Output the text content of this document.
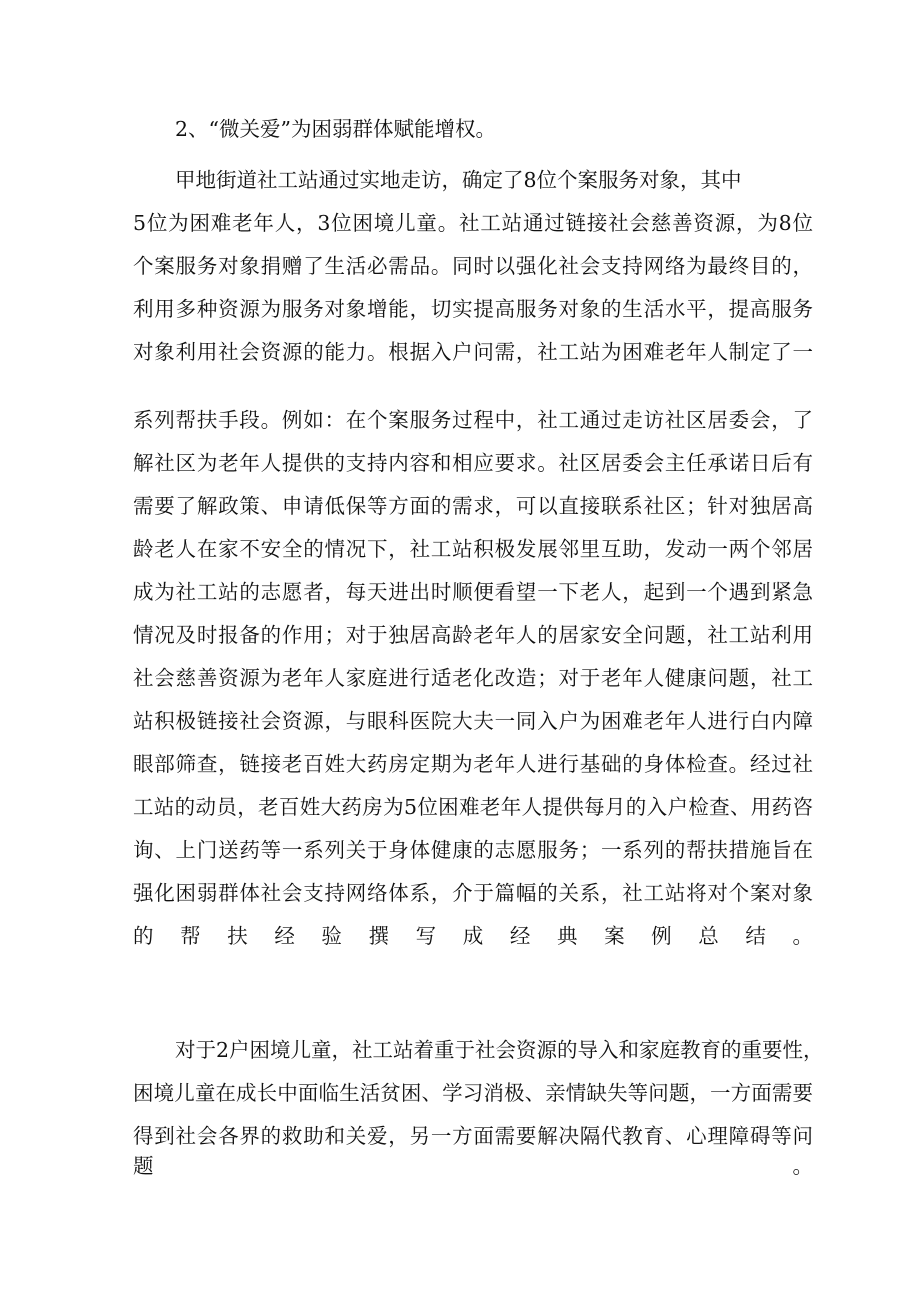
2、“微关爱”为困弱群体赋能增权。
甲地街道社工站通过实地走访，确定了8位个案服务对象，其中
5位为困难老年人，3位困境儿童。社工站通过链接社会慈善资源，为8位
个案服务对象捐赠了生活必需品。同时以强化社会支持网络为最终目的，
利用多种资源为服务对象增能，切实提高服务对象的生活水平，提高服务
对象利用社会资源的能力。根据入户问需，社工站为困难老年人制定了一
系列帮扶手段。例如：在个案服务过程中，社工通过走访社区居委会，了
解社区为老年人提供的支持内容和相应要求。社区居委会主任承诺日后有
需要了解政策、申请低保等方面的需求，可以直接联系社区；针对独居高
龄老人在家不安全的情况下，社工站积极发展邻里互助，发动一两个邻居
成为社工站的志愿者，每天进出时顺便看望一下老人，起到一个遇到紧急
情况及时报备的作用；对于独居高龄老年人的居家安全问题，社工站利用
社会慈善资源为老年人家庭进行适老化改造；对于老年人健康问题，社工
站积极链接社会资源，与眼科医院大夫一同入户为困难老年人进行白内障
眼部筛查，链接老百姓大药房定期为老年人进行基础的身体检查。经过社
工站的动员，老百姓大药房为5位困难老年人提供每月的入户检查、用药咨
询、上门送药等一系列关于身体健康的志愿服务；一系列的帮扶措施旨在
强化困弱群体社会支持网络体系，介于篇幅的关系，社工站将对个案对象
的帮扶经验撰写成经典案例总结。
对于2户困境儿童，社工站着重于社会资源的导入和家庭教育的重要性，
困境儿童在成长中面临生活贫困、学习消极、亲情缺失等问题，一方面需要
得到社会各界的救助和关爱，另一方面需要解决隔代教育、心理障碍等问题。
